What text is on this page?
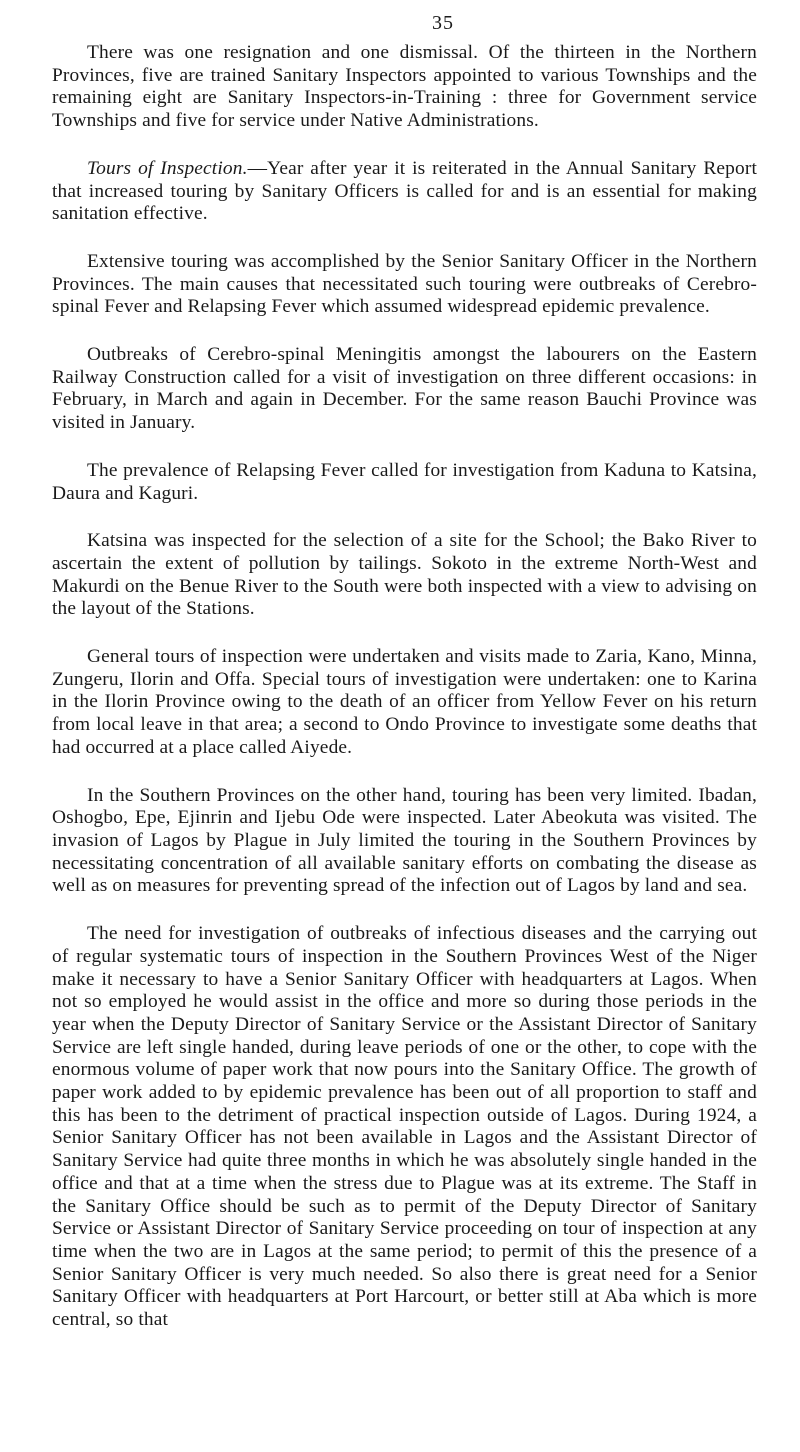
35

There was one resignation and one dismissal. Of the thirteen in the Northern Provinces, five are trained Sanitary Inspectors appointed to various Townships and the remaining eight are Sanitary Inspectors-in-Training : three for Government service Townships and five for service under Native Administrations.

Tours of Inspection.—Year after year it is reiterated in the Annual Sanitary Report that increased touring by Sanitary Officers is called for and is an essential for making sanitation effective.

Extensive touring was accomplished by the Senior Sanitary Officer in the Northern Provinces. The main causes that necessitated such touring were outbreaks of Cerebro-spinal Fever and Relapsing Fever which assumed widespread epidemic prevalence.

Outbreaks of Cerebro-spinal Meningitis amongst the labourers on the Eastern Railway Construction called for a visit of investigation on three different occasions: in February, in March and again in December. For the same reason Bauchi Province was visited in January.

The prevalence of Relapsing Fever called for investigation from Kaduna to Katsina, Daura and Kaguri.

Katsina was inspected for the selection of a site for the School; the Bako River to ascertain the extent of pollution by tailings. Sokoto in the extreme North-West and Makurdi on the Benue River to the South were both inspected with a view to advising on the layout of the Stations.

General tours of inspection were undertaken and visits made to Zaria, Kano, Minna, Zungeru, Ilorin and Offa. Special tours of investigation were undertaken: one to Karina in the Ilorin Province owing to the death of an officer from Yellow Fever on his return from local leave in that area; a second to Ondo Province to investigate some deaths that had occurred at a place called Aiyede.

In the Southern Provinces on the other hand, touring has been very limited. Ibadan, Oshogbo, Epe, Ejinrin and Ijebu Ode were inspected. Later Abeokuta was visited. The invasion of Lagos by Plague in July limited the touring in the Southern Provinces by necessitating concentration of all available sanitary efforts on combating the disease as well as on measures for preventing spread of the infection out of Lagos by land and sea.

The need for investigation of outbreaks of infectious diseases and the carrying out of regular systematic tours of inspection in the Southern Provinces West of the Niger make it necessary to have a Senior Sanitary Officer with headquarters at Lagos. When not so employed he would assist in the office and more so during those periods in the year when the Deputy Director of Sanitary Service or the Assistant Director of Sanitary Service are left single handed, during leave periods of one or the other, to cope with the enormous volume of paper work that now pours into the Sanitary Office. The growth of paper work added to by epidemic prevalence has been out of all proportion to staff and this has been to the detriment of practical inspection outside of Lagos. During 1924, a Senior Sanitary Officer has not been available in Lagos and the Assistant Director of Sanitary Service had quite three months in which he was absolutely single handed in the office and that at a time when the stress due to Plague was at its extreme. The Staff in the Sanitary Office should be such as to permit of the Deputy Director of Sanitary Service or Assistant Director of Sanitary Service proceeding on tour of inspection at any time when the two are in Lagos at the same period; to permit of this the presence of a Senior Sanitary Officer is very much needed. So also there is great need for a Senior Sanitary Officer with headquarters at Port Harcourt, or better still at Aba which is more central, so that
